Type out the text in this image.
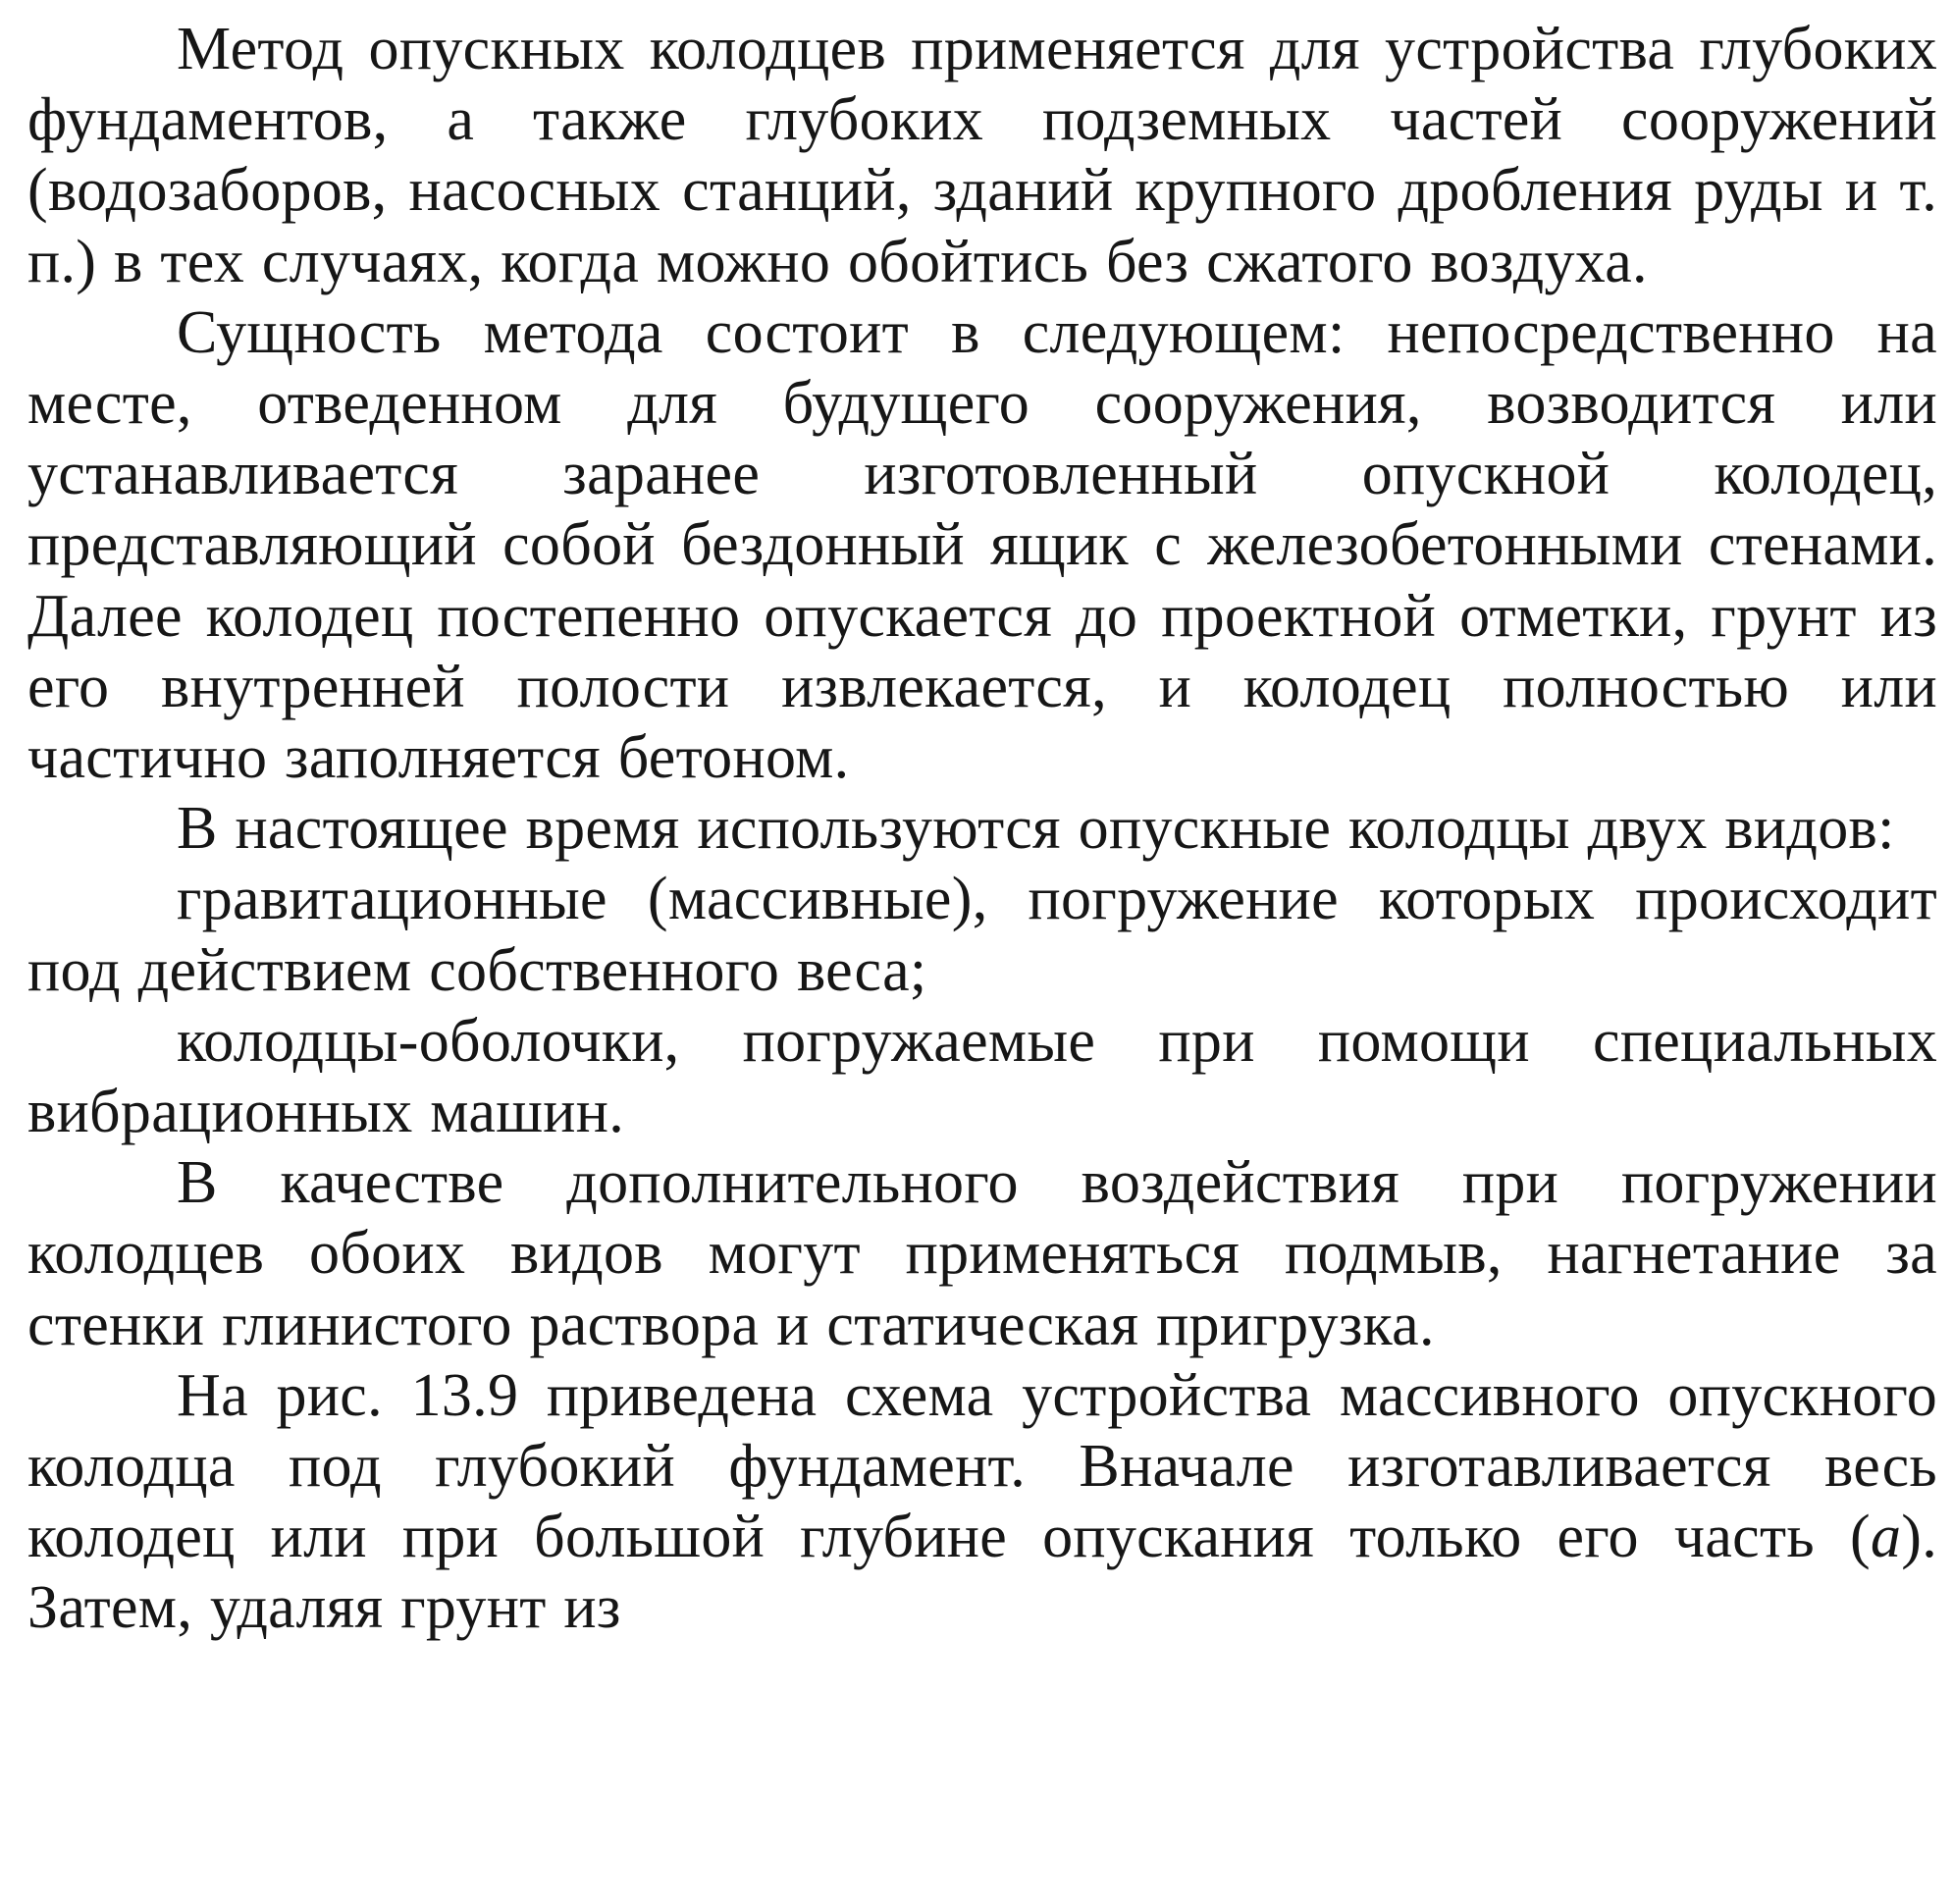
Метод опускных колодцев применяется для устройства глубоких фундаментов, а также глубоких подземных частей сооружений (водозаборов, насосных станций, зданий крупного дробления руды и т. п.) в тех случаях, когда можно обойтись без сжатого воздуха.

Сущность метода состоит в следующем: непосредственно на месте, отведенном для будущего сооружения, возводится или устанавливается заранее изготовленный опускной колодец, представляющий собой бездонный ящик с железобетонными стенами. Далее колодец постепенно опускается до проектной отметки, грунт из его внутренней полости извлекается, и колодец полностью или частично заполняется бетоном.

В настоящее время используются опускные колодцы двух видов:

гравитационные (массивные), погружение которых происходит под действием собственного веса;

колодцы-оболочки, погружаемые при помощи специальных вибрационных машин.

В качестве дополнительного воздействия при погружении колодцев обоих видов могут применяться подмыв, нагнетание за стенки глинистого раствора и статическая пригрузка.

На рис. 13.9 приведена схема устройства массивного опускного колодца под глубокий фундамент. Вначале изготавливается весь колодец или при большой глубине опускания только его часть (а). Затем, удаляя грунт из
